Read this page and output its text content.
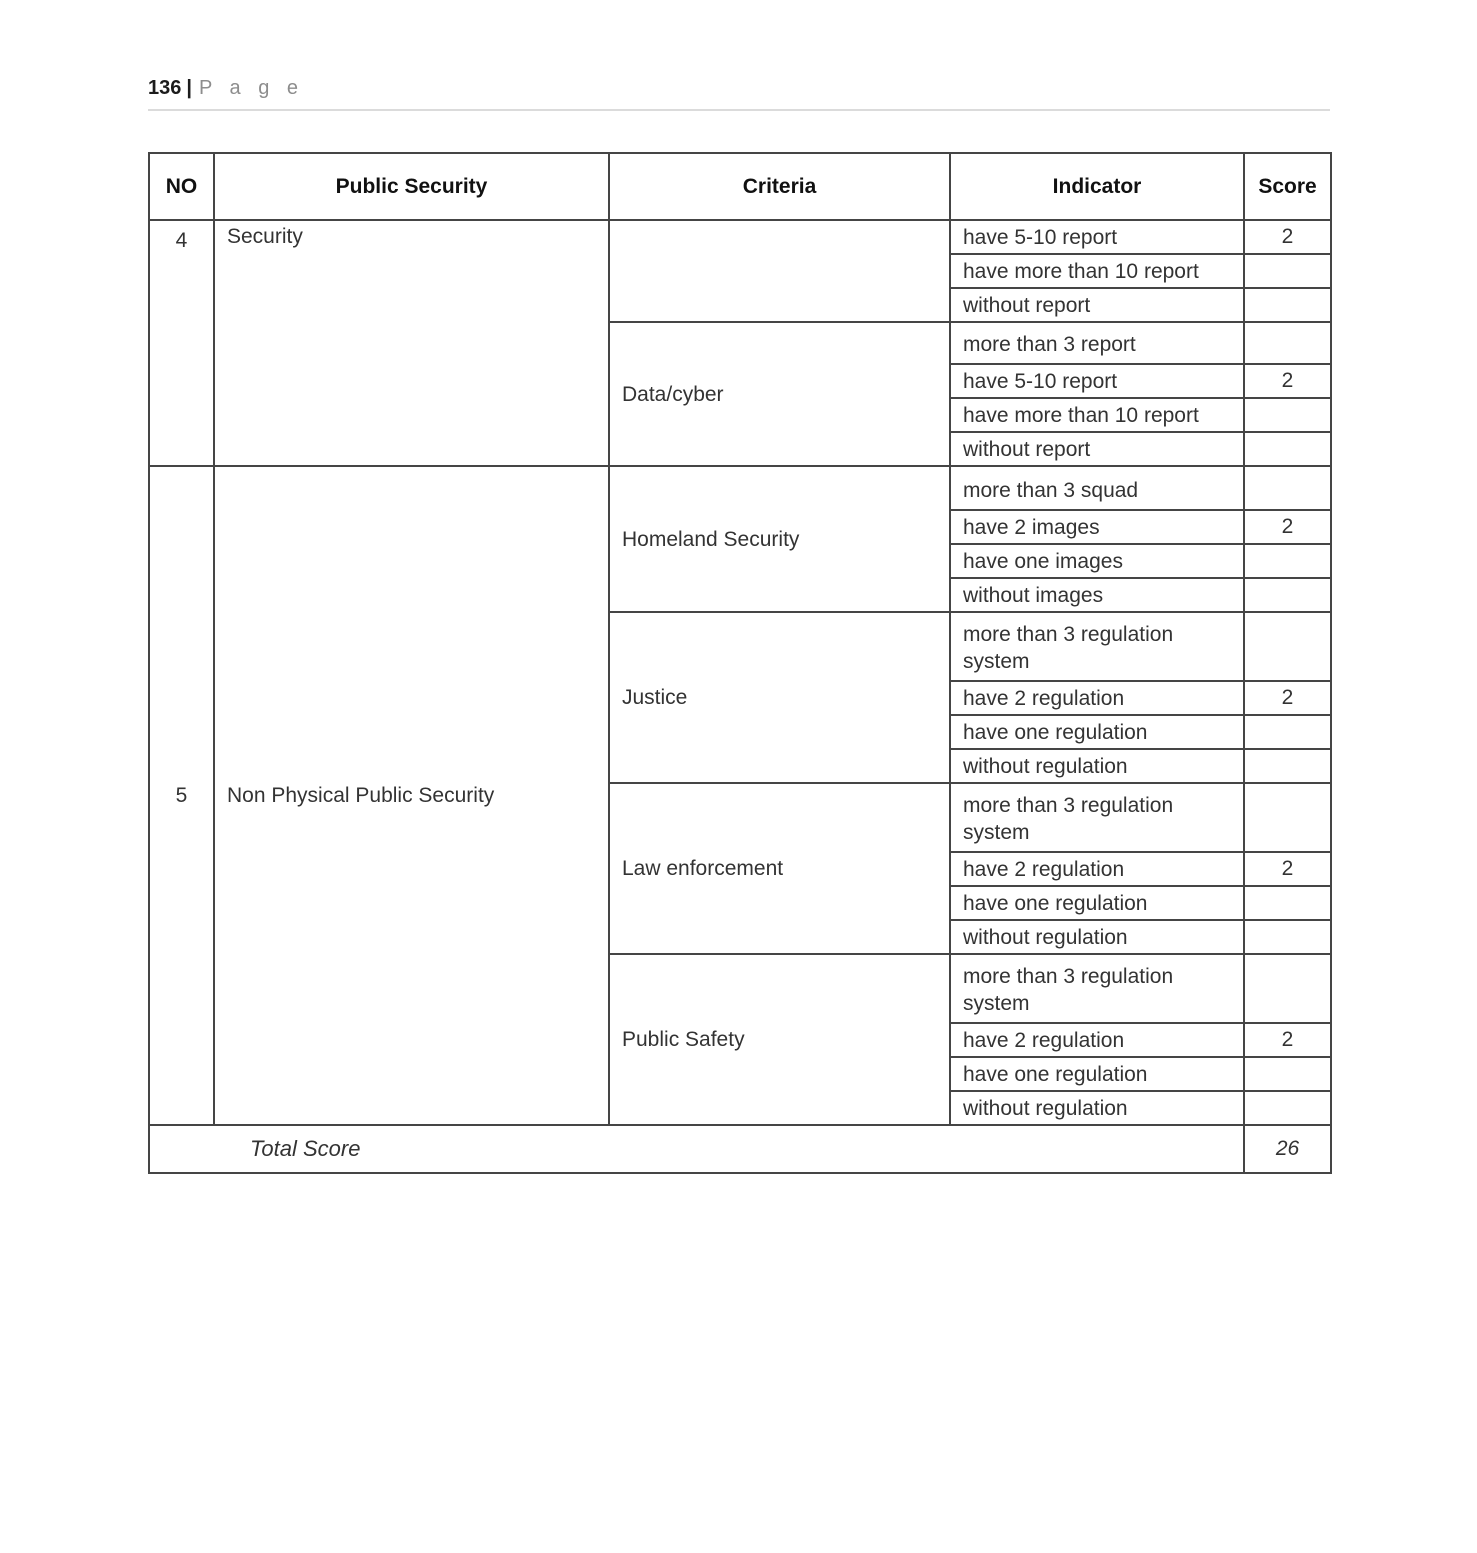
136 | P a g e
NO	Public Security	Criteria	Indicator	Score
4	Security		have 5-10 report	2
			have more than 10 report	
			without report	
		Data/cyber	more than 3 report	
			have 5-10 report	2
			have more than 10 report	
			without report	
5	Non Physical Public Security	Homeland Security	more than 3 squad	
			have 2 images	2
			have one images	
			without images	
		Justice	more than 3 regulation system	
			have 2 regulation	2
			have one regulation	
			without regulation	
		Law enforcement	more than 3 regulation system	
			have 2 regulation	2
			have one regulation	
			without regulation	
		Public Safety	more than 3 regulation system	
			have 2 regulation	2
			have one regulation	
			without regulation	
Total Score				26
